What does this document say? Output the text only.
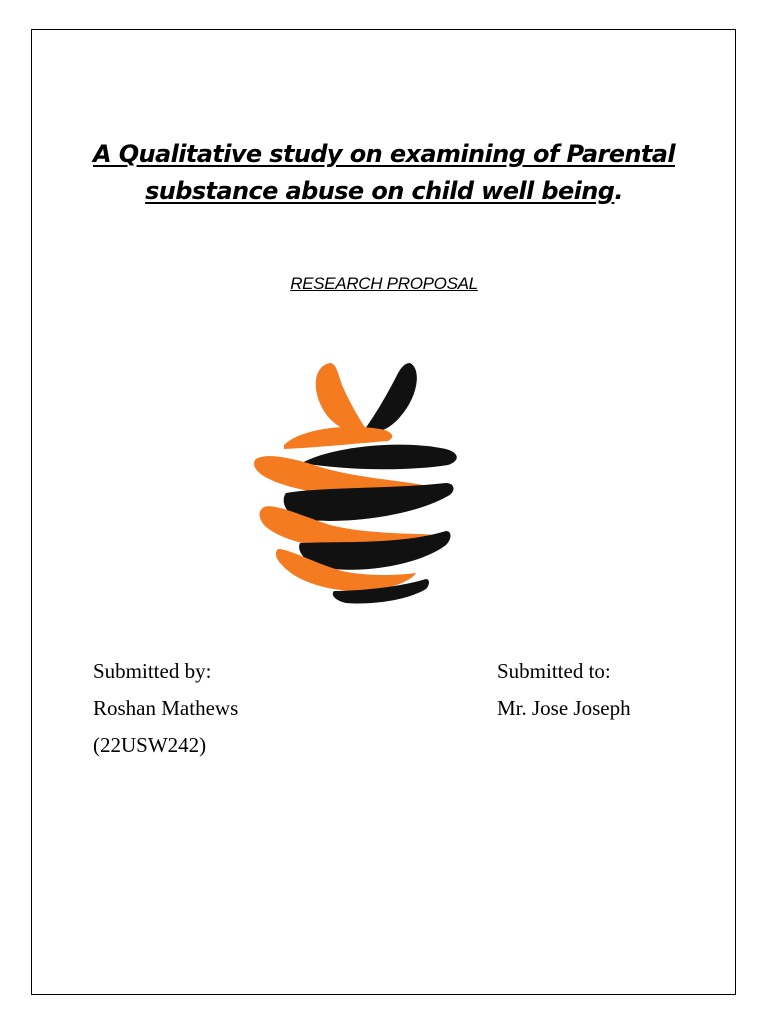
A Qualitative study on examining of Parental
substance abuse on child well being.
RESEARCH PROPOSAL
Submitted by:
Roshan Mathews
(22USW242)
Submitted to:
Mr. Jose Joseph
